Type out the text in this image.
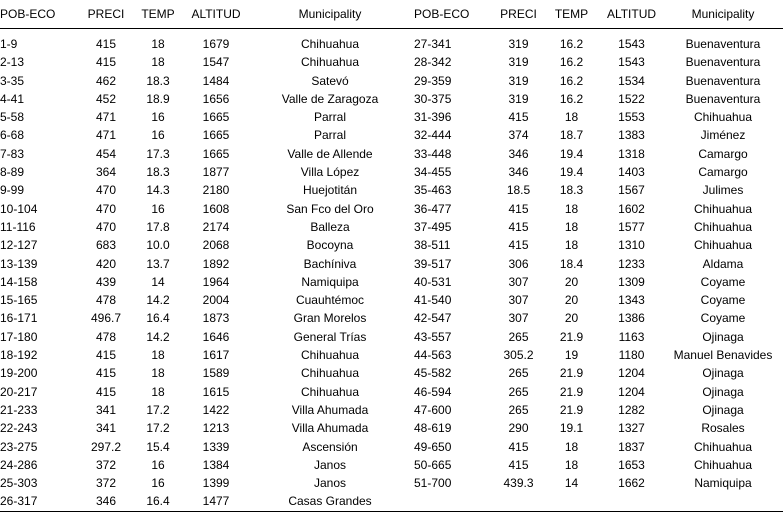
POB-ECO	PRECI	TEMP	ALTITUD	Municipality	POB-ECO	PRECI	TEMP	ALTITUD	Municipality
1-9	415	18	1679	Chihuahua	27-341	319	16.2	1543	Buenaventura
2-13	415	18	1547	Chihuahua	28-342	319	16.2	1543	Buenaventura
3-35	462	18.3	1484	Satevó	29-359	319	16.2	1534	Buenaventura
4-41	452	18.9	1656	Valle de Zaragoza	30-375	319	16.2	1522	Buenaventura
5-58	471	16	1665	Parral	31-396	415	18	1553	Chihuahua
6-68	471	16	1665	Parral	32-444	374	18.7	1383	Jiménez
7-83	454	17.3	1665	Valle de Allende	33-448	346	19.4	1318	Camargo
8-89	364	18.3	1877	Villa López	34-455	346	19.4	1403	Camargo
9-99	470	14.3	2180	Huejotitán	35-463	18.5	18.3	1567	Julimes
10-104	470	16	1608	San Fco del Oro	36-477	415	18	1602	Chihuahua
11-116	470	17.8	2174	Balleza	37-495	415	18	1577	Chihuahua
12-127	683	10.0	2068	Bocoyna	38-511	415	18	1310	Chihuahua
13-139	420	13.7	1892	Bachíniva	39-517	306	18.4	1233	Aldama
14-158	439	14	1964	Namiquipa	40-531	307	20	1309	Coyame
15-165	478	14.2	2004	Cuauhtémoc	41-540	307	20	1343	Coyame
16-171	496.7	16.4	1873	Gran Morelos	42-547	307	20	1386	Coyame
17-180	478	14.2	1646	General Trías	43-557	265	21.9	1163	Ojinaga
18-192	415	18	1617	Chihuahua	44-563	305.2	19	1180	Manuel Benavides
19-200	415	18	1589	Chihuahua	45-582	265	21.9	1204	Ojinaga
20-217	415	18	1615	Chihuahua	46-594	265	21.9	1204	Ojinaga
21-233	341	17.2	1422	Villa Ahumada	47-600	265	21.9	1282	Ojinaga
22-243	341	17.2	1213	Villa Ahumada	48-619	290	19.1	1327	Rosales
23-275	297.2	15.4	1339	Ascensión	49-650	415	18	1837	Chihuahua
24-286	372	16	1384	Janos	50-665	415	18	1653	Chihuahua
25-303	372	16	1399	Janos	51-700	439.3	14	1662	Namiquipa
26-317	346	16.4	1477	Casas Grandes					
